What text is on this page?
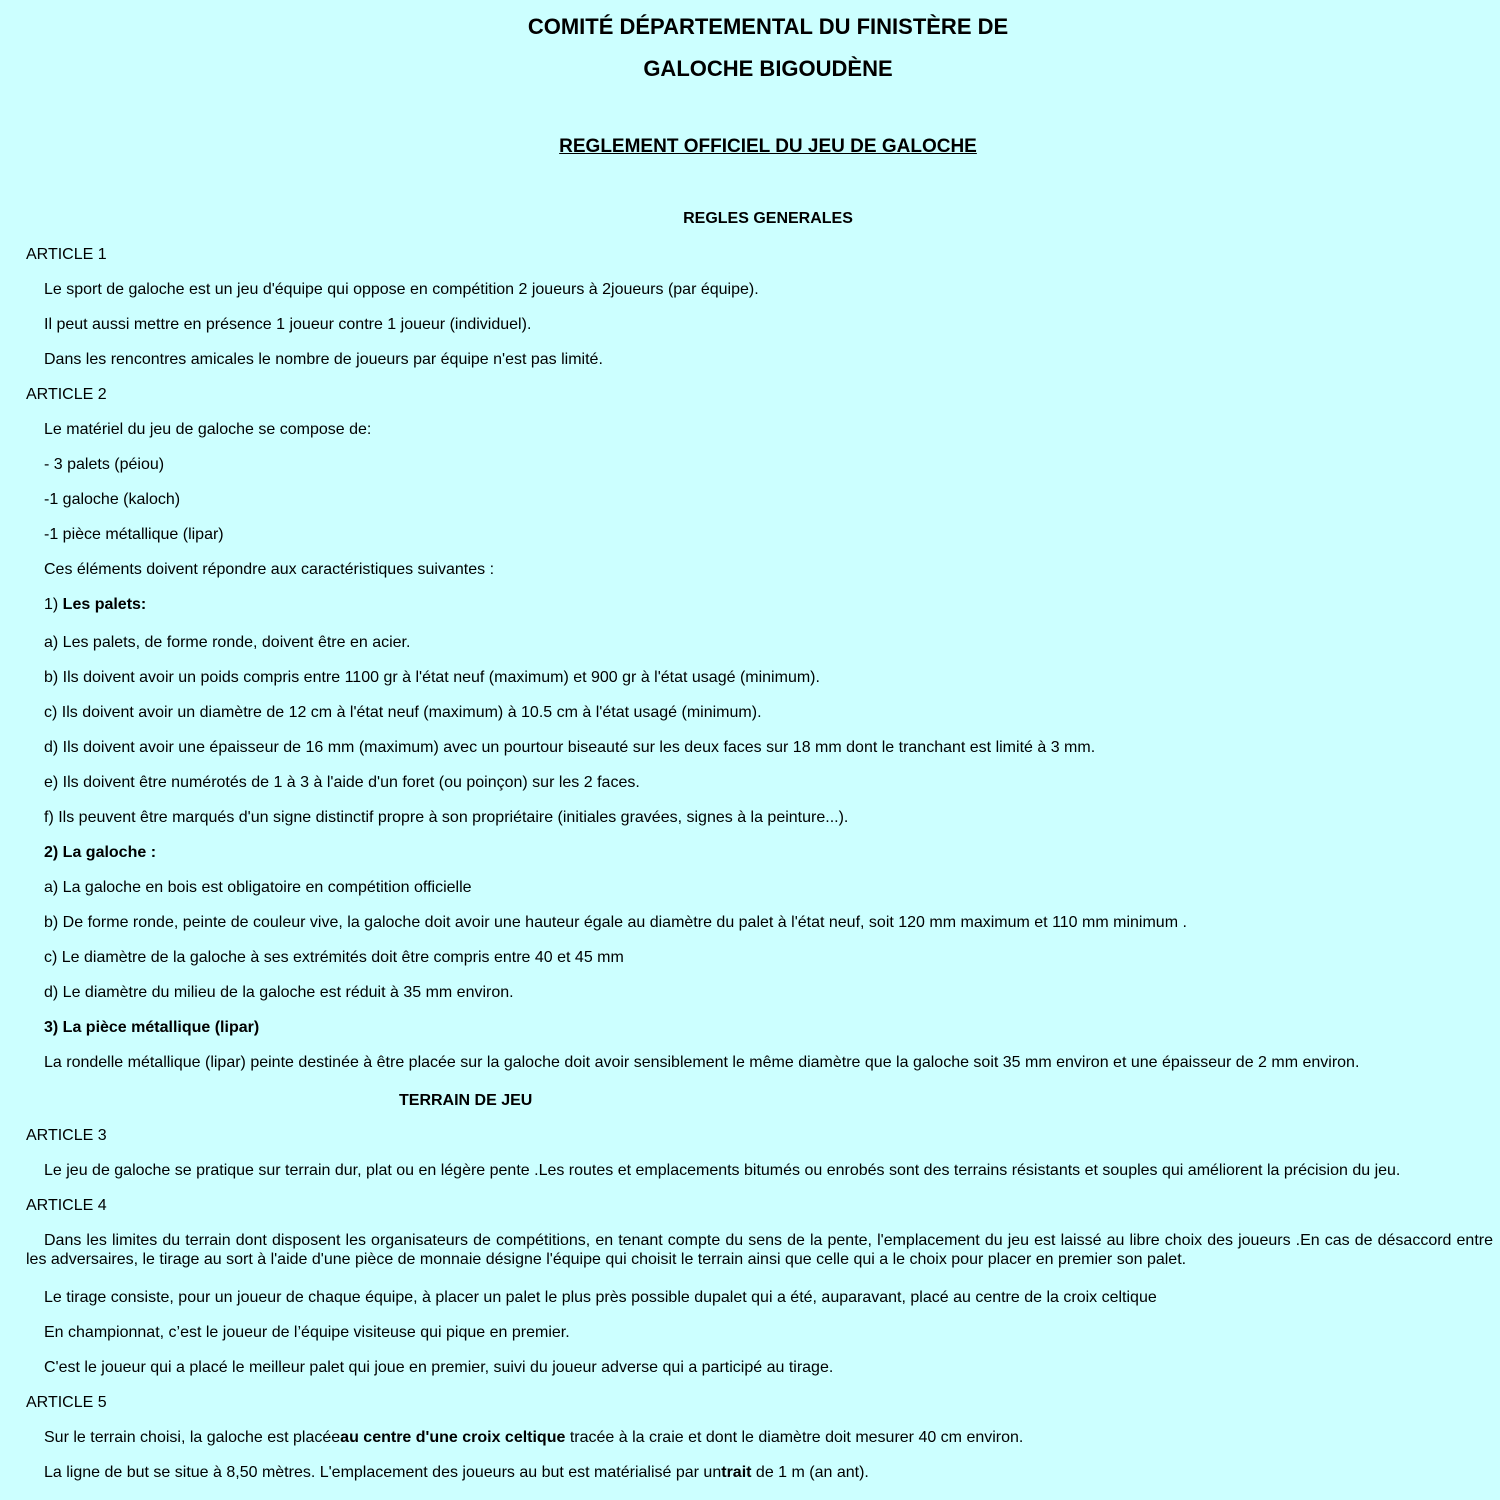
COMITÉ DÉPARTEMENTAL DU FINISTÈRE DE
GALOCHE BIGOUDÈNE
REGLEMENT OFFICIEL DU JEU DE GALOCHE
REGLES GENERALES
ARTICLE 1
Le sport de galoche est un jeu d'équipe qui oppose en compétition 2 joueurs à 2joueurs (par équipe).
Il peut aussi mettre en présence 1 joueur contre 1 joueur (individuel).
Dans les rencontres amicales le nombre de joueurs par équipe n'est pas limité.
ARTICLE 2
Le matériel du jeu de galoche se compose de:
- 3 palets (péiou)
-1 galoche (kaloch)
-1 pièce métallique (lipar)
Ces éléments doivent répondre aux caractéristiques suivantes :
1) Les palets:
a) Les palets, de forme ronde, doivent être en acier.
b) Ils doivent avoir un poids compris entre 1100 gr à l'état neuf (maximum) et 900 gr à l'état usagé (minimum).
c) Ils doivent avoir un diamètre de 12 cm à l'état neuf (maximum) à 10.5 cm à l'état usagé (minimum).
d) Ils doivent avoir une épaisseur de 16 mm (maximum) avec un pourtour biseauté sur les deux faces sur 18 mm dont le tranchant est limité à 3 mm.
e) Ils doivent être numérotés de 1 à 3 à l'aide d'un foret (ou poinçon) sur les 2 faces.
f) Ils peuvent être marqués d'un signe distinctif propre à son propriétaire (initiales gravées, signes à la peinture...).
2) La galoche :
a) La galoche en bois est obligatoire en compétition officielle
b) De forme ronde, peinte de couleur vive, la galoche doit avoir une hauteur égale au diamètre du palet à l'état neuf, soit 120 mm maximum et 110 mm minimum .
c) Le diamètre de la galoche à ses extrémités doit être compris entre 40 et 45 mm
d) Le diamètre du milieu de la galoche est réduit à 35 mm environ.
3) La pièce métallique (lipar)
La rondelle métallique (lipar) peinte destinée à être placée sur la galoche doit avoir sensiblement le même diamètre que la galoche soit 35 mm environ et une épaisseur de 2 mm environ.
TERRAIN DE JEU
ARTICLE 3
Le jeu de galoche se pratique sur terrain dur, plat ou en légère pente .Les routes et emplacements bitumés ou enrobés sont des terrains résistants et souples qui améliorent la précision du jeu.
ARTICLE 4
Dans les limites du terrain dont disposent les organisateurs de compétitions, en tenant compte du sens de la pente, l'emplacement du jeu est laissé au libre choix des joueurs .En cas de désaccord entre les adversaires, le tirage au sort à l'aide d'une pièce de monnaie désigne l'équipe qui choisit le terrain ainsi que celle qui a le choix pour placer en premier son palet.
Le tirage consiste, pour un joueur de chaque équipe, à placer un palet le plus près possible dupalet qui a été, auparavant, placé au centre de la croix celtique
En championnat, c’est le joueur de l’équipe visiteuse qui pique en premier.
C'est le joueur qui a placé le meilleur palet qui joue en premier, suivi du joueur adverse qui a participé au tirage.
ARTICLE 5
Sur le terrain choisi, la galoche est placéeau centre d'une croix celtique tracée à la craie et dont le diamètre doit mesurer 40 cm environ.
La ligne de but se situe à 8,50 mètres. L'emplacement des joueurs au but est matérialisé par untrait de 1 m (an ant).
